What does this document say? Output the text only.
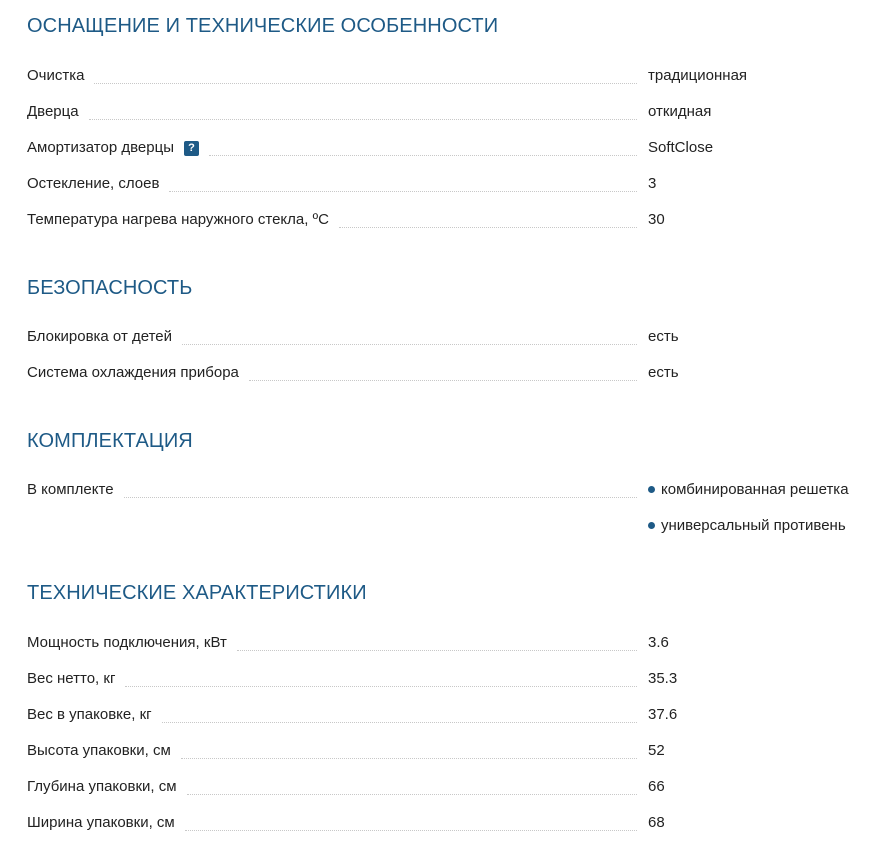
ОСНАЩЕНИЕ И ТЕХНИЧЕСКИЕ ОСОБЕННОСТИ
Очистка	традиционная
Дверца	откидная
Амортизатор дверцы	?	SoftClose
Остекление, слоев	3
Температура нагрева наружного стекла, ºC	30
БЕЗОПАСНОСТЬ
Блокировка от детей	есть
Система охлаждения прибора	есть
КОМПЛЕКТАЦИЯ
В комплекте	комбинированная решетка
универсальный противень
ТЕХНИЧЕСКИЕ ХАРАКТЕРИСТИКИ
Мощность подключения, кВт	3.6
Вес нетто, кг	35.3
Вес в упаковке, кг	37.6
Высота упаковки, см	52
Глубина упаковки, см	66
Ширина упаковки, см	68
